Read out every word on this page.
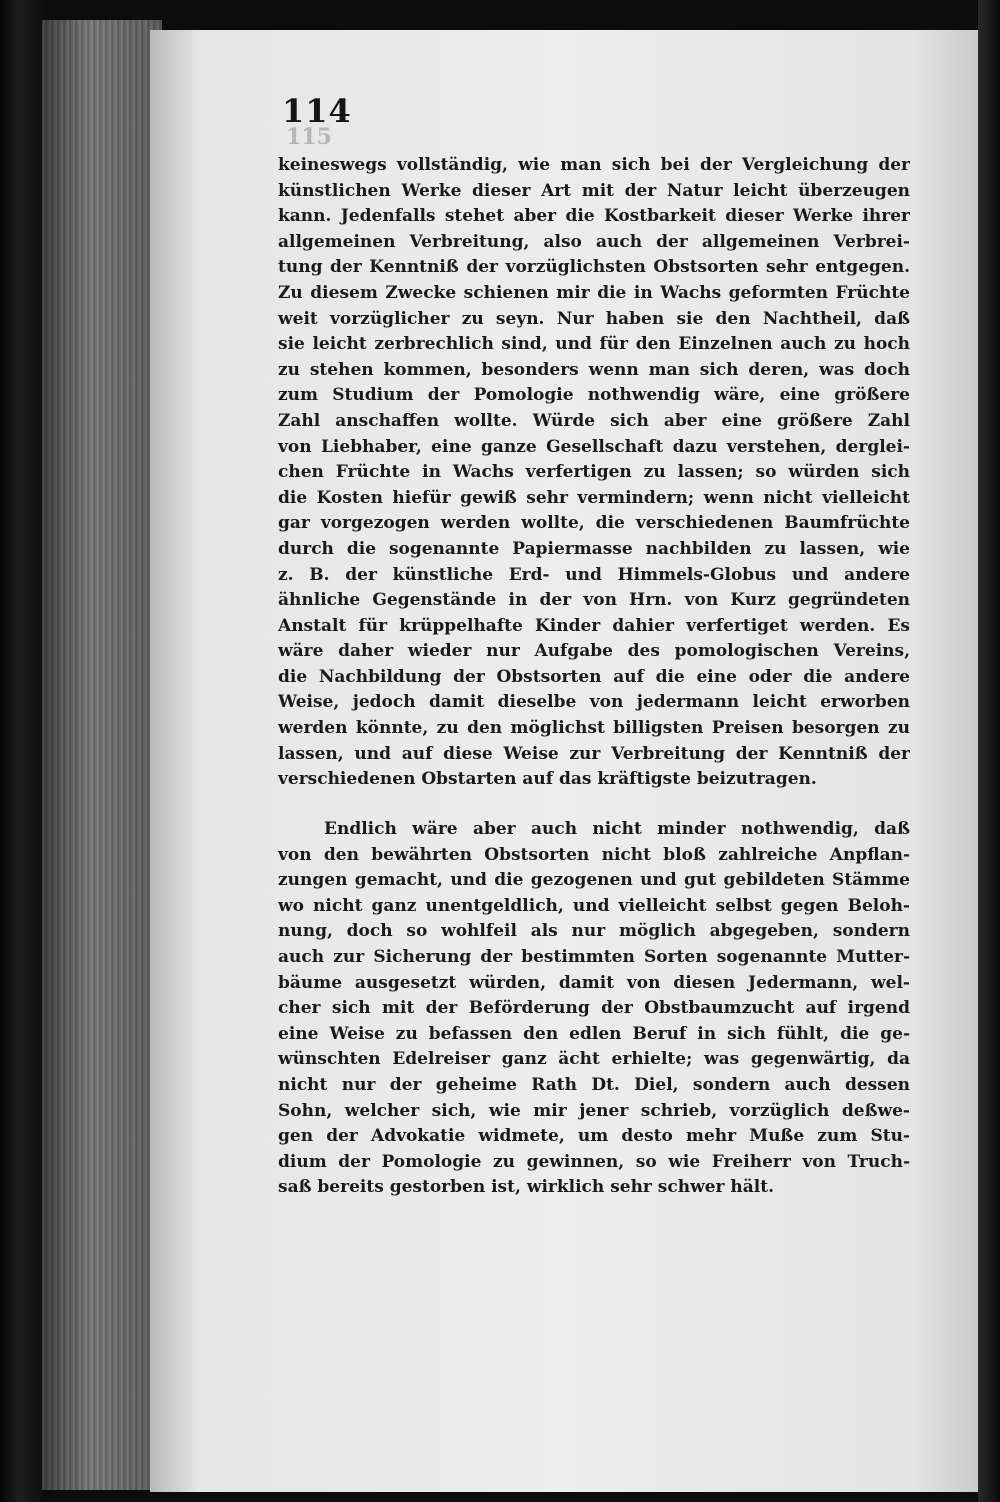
115
114
keineswegs vollständig, wie man sich bei der Vergleichung der
künstlichen Werke dieser Art mit der Natur leicht überzeugen
kann. Jedenfalls stehet aber die Kostbarkeit dieser Werke ihrer
allgemeinen Verbreitung, also auch der allgemeinen Verbrei-
tung der Kenntniß der vorzüglichsten Obstsorten sehr entgegen.
Zu diesem Zwecke schienen mir die in Wachs geformten Früchte
weit vorzüglicher zu seyn. Nur haben sie den Nachtheil, daß
sie leicht zerbrechlich sind, und für den Einzelnen auch zu hoch
zu stehen kommen, besonders wenn man sich deren, was doch
zum Studium der Pomologie nothwendig wäre, eine größere
Zahl anschaffen wollte. Würde sich aber eine größere Zahl
von Liebhaber, eine ganze Gesellschaft dazu verstehen, derglei-
chen Früchte in Wachs verfertigen zu lassen; so würden sich
die Kosten hiefür gewiß sehr vermindern; wenn nicht vielleicht
gar vorgezogen werden wollte, die verschiedenen Baumfrüchte
durch die sogenannte Papiermasse nachbilden zu lassen, wie
z. B. der künstliche Erd- und Himmels-Globus und andere
ähnliche Gegenstände in der von Hrn. von Kurz gegründeten
Anstalt für krüppelhafte Kinder dahier verfertiget werden. Es
wäre daher wieder nur Aufgabe des pomologischen Vereins,
die Nachbildung der Obstsorten auf die eine oder die andere
Weise, jedoch damit dieselbe von jedermann leicht erworben
werden könnte, zu den möglichst billigsten Preisen besorgen zu
lassen, und auf diese Weise zur Verbreitung der Kenntniß der
verschiedenen Obstarten auf das kräftigste beizutragen.
Endlich wäre aber auch nicht minder nothwendig, daß
von den bewährten Obstsorten nicht bloß zahlreiche Anpflan-
zungen gemacht, und die gezogenen und gut gebildeten Stämme
wo nicht ganz unentgeldlich, und vielleicht selbst gegen Beloh-
nung, doch so wohlfeil als nur möglich abgegeben, sondern
auch zur Sicherung der bestimmten Sorten sogenannte Mutter-
bäume ausgesetzt würden, damit von diesen Jedermann, wel-
cher sich mit der Beförderung der Obstbaumzucht auf irgend
eine Weise zu befassen den edlen Beruf in sich fühlt, die ge-
wünschten Edelreiser ganz ächt erhielte; was gegenwärtig, da
nicht nur der geheime Rath Dt. Diel, sondern auch dessen
Sohn, welcher sich, wie mir jener schrieb, vorzüglich deßwe-
gen der Advokatie widmete, um desto mehr Muße zum Stu-
dium der Pomologie zu gewinnen, so wie Freiherr von Truch-
saß bereits gestorben ist, wirklich sehr schwer hält.
